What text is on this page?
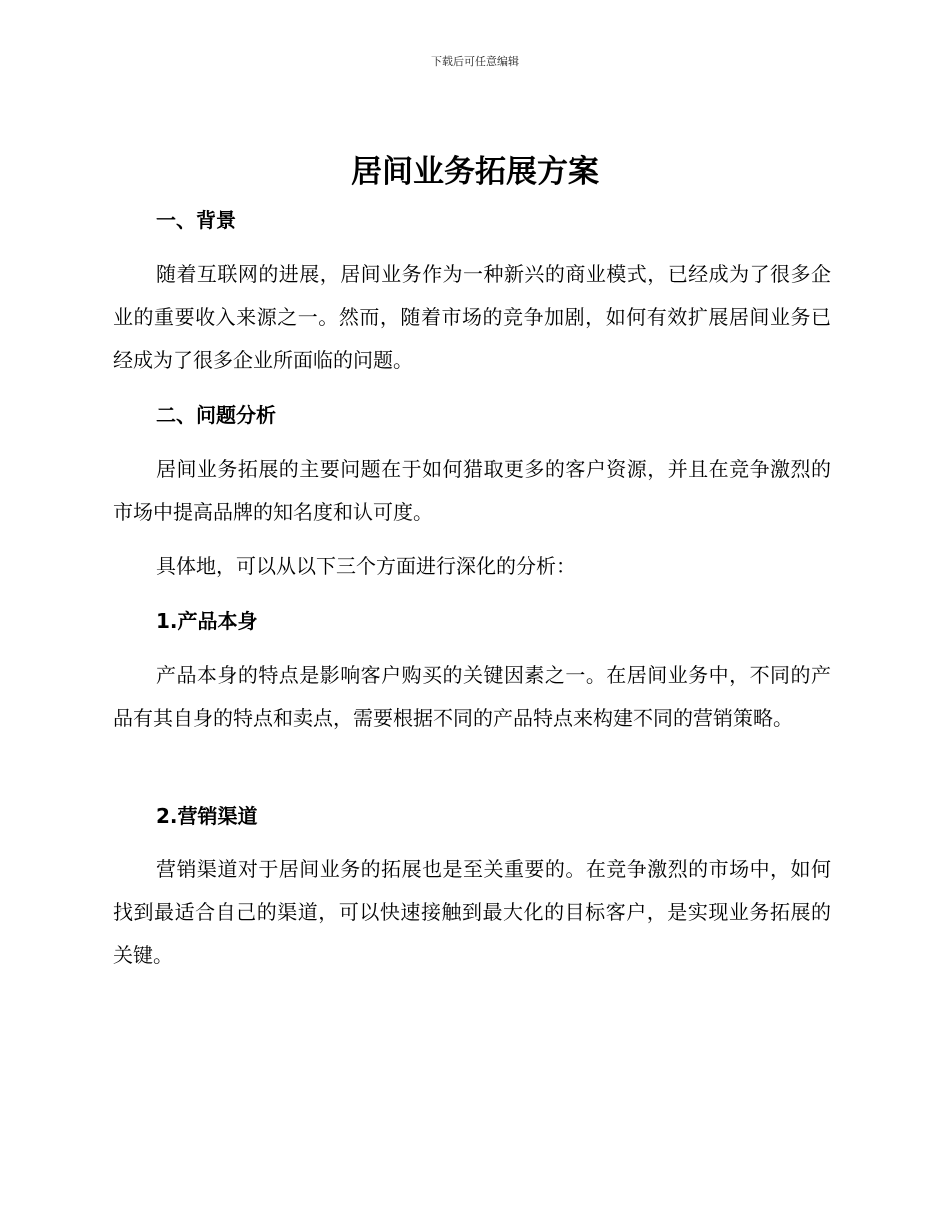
下载后可任意编辑
居间业务拓展方案
一、背景

随着互联网的进展，居间业务作为一种新兴的商业模式，已经成为了很多企业的重要收入来源之一。然而，随着市场的竞争加剧，如何有效扩展居间业务已经成为了很多企业所面临的问题。

二、问题分析

居间业务拓展的主要问题在于如何猎取更多的客户资源，并且在竞争激烈的市场中提高品牌的知名度和认可度。

具体地，可以从以下三个方面进行深化的分析：

1.产品本身

产品本身的特点是影响客户购买的关键因素之一。在居间业务中，不同的产品有其自身的特点和卖点，需要根据不同的产品特点来构建不同的营销策略。

2.营销渠道

营销渠道对于居间业务的拓展也是至关重要的。在竞争激烈的市场中，如何找到最适合自己的渠道，可以快速接触到最大化的目标客户，是实现业务拓展的关键。
